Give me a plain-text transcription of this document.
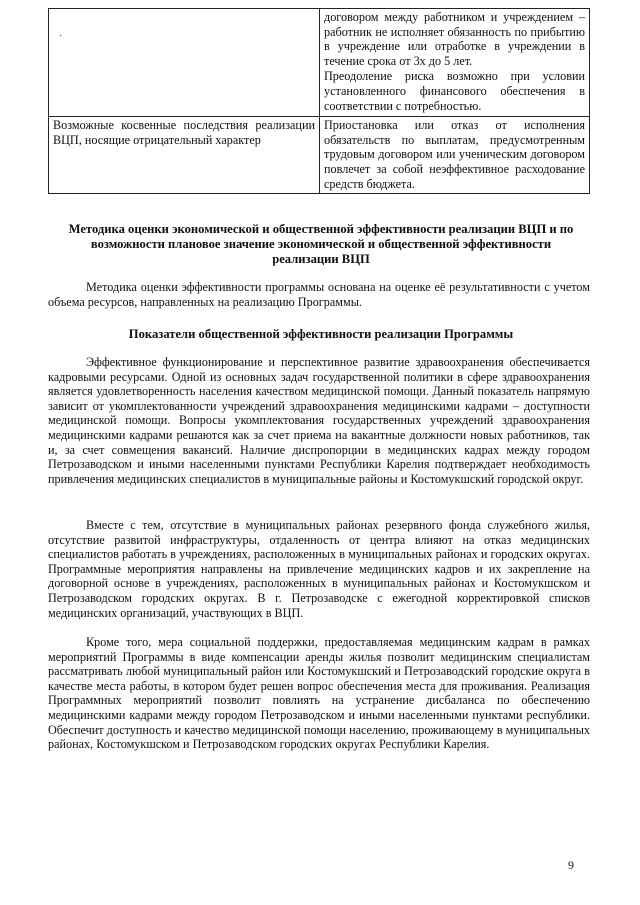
·	договором между работником и учреждением – работник не исполняет обязанность по прибытию в учреждение или отработке в учреждении в течение срока от 3х до 5 лет.

Преодоление риска возможно при условии установленного финансового обеспечения в соответствии с потребностью.

Возможные косвенные последствия реализации ВЦП, носящие отрицательный характер	Приостановка или отказ от исполнения обязательств по выплатам, предусмотренным трудовым договором или ученическим договором повлечет за собой неэффективное расходование средств бюджета.
Методика оценки экономической и общественной эффективности реализации ВЦП и по возможности плановое значение экономической и общественной эффективности реализации ВЦП

Методика оценки эффективности программы основана на оценке её результативности с учетом объема ресурсов, направленных на реализацию Программы.

Показатели общественной эффективности реализации Программы

Эффективное функционирование и перспективное развитие здравоохранения обеспечивается кадровыми ресурсами. Одной из основных задач государственной политики в сфере здравоохранения является удовлетворенность населения качеством медицинской помощи. Данный показатель напрямую зависит от укомплектованности учреждений здравоохранения медицинскими кадрами – доступности медицинской помощи. Вопросы укомплектования государственных учреждений здравоохранения медицинскими кадрами решаются как за счет приема на вакантные должности новых работников, так и, за счет совмещения вакансий. Наличие диспропорции в медицинских кадрах между городом Петрозаводском и иными населенными пунктами Республики Карелия подтверждает необходимость привлечения медицинских специалистов в муниципальные районы и Костомукшский городской округ.

Вместе с тем, отсутствие в муниципальных районах резервного фонда служебного жилья, отсутствие развитой инфраструктуры, отдаленность от центра влияют на отказ медицинских специалистов работать в учреждениях, расположенных в муниципальных районах и городских округах. Программные мероприятия направлены на привлечение медицинских кадров и их закрепление на договорной основе в учреждениях, расположенных в муниципальных районах и Костомукшском и Петрозаводском городских округах. В г. Петрозаводске с ежегодной корректировкой списков медицинских организаций, участвующих в ВЦП.

Кроме того, мера социальной поддержки, предоставляемая медицинским кадрам в рамках мероприятий Программы в виде компенсации аренды жилья позволит медицинским специалистам рассматривать любой муниципальный район или Костомукшский и Петрозаводский городские округа в качестве места работы, в котором будет решен вопрос обеспечения места для проживания. Реализация Программных мероприятий позволит повлиять на устранение дисбаланса по обеспечению медицинскими кадрами между городом Петрозаводском и иными населенными пунктами республики. Обеспечит доступность и качество медицинской помощи населению, проживающему в муниципальных районах, Костомукшском и Петрозаводском городских округах Республики Карелия.

9
